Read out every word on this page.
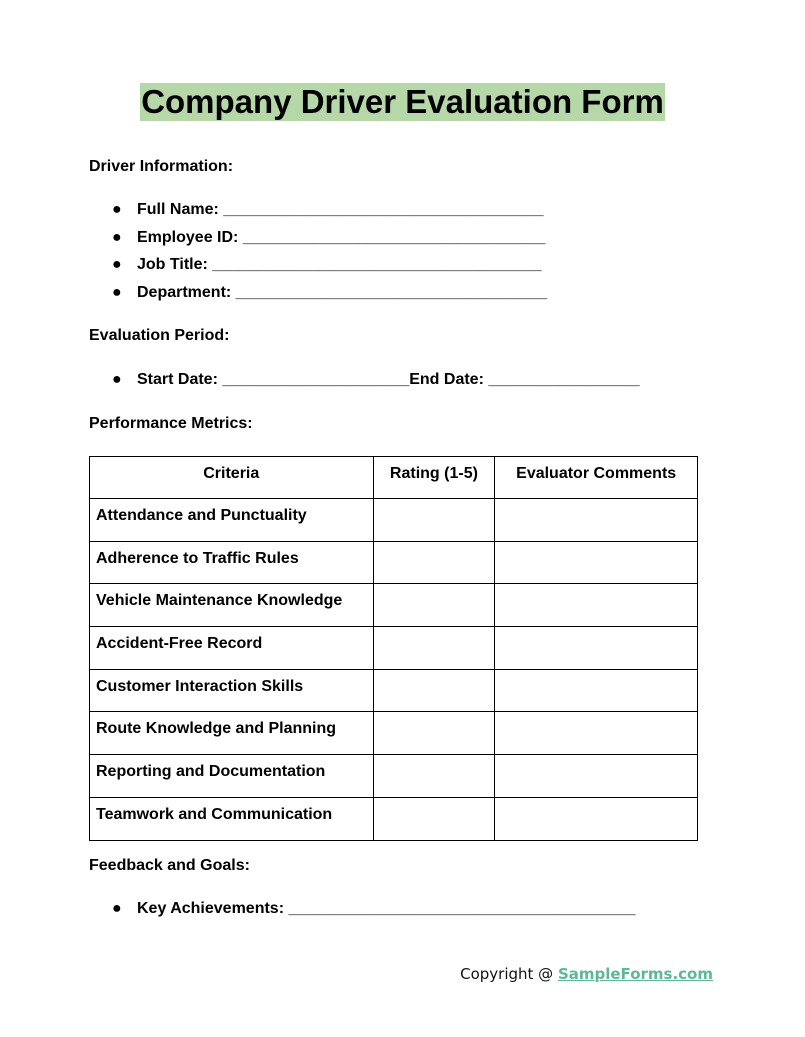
Company Driver Evaluation Form
Driver Information:
● Full Name: ____________________________________
● Employee ID: __________________________________
● Job Title: _____________________________________
● Department: ___________________________________
Evaluation Period:
● Start Date: _____________________End Date: _________________
Performance Metrics:
Criteria	Rating (1-5)	Evaluator Comments
Attendance and Punctuality		
Adherence to Traffic Rules		
Vehicle Maintenance Knowledge		
Accident-Free Record		
Customer Interaction Skills		
Route Knowledge and Planning		
Reporting and Documentation		
Teamwork and Communication		
Feedback and Goals:
● Key Achievements: _______________________________________
Copyright @ SampleForms.com
